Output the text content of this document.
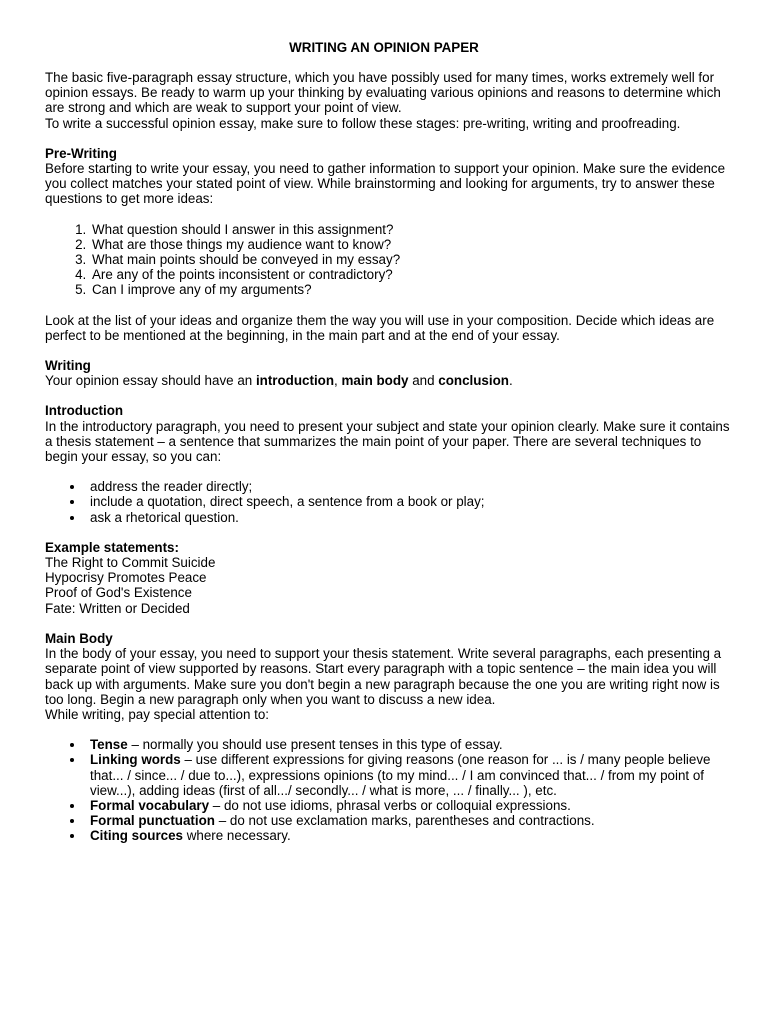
WRITING AN OPINION PAPER

The basic five-paragraph essay structure, which you have possibly used for many times, works extremely well for opinion essays. Be ready to warm up your thinking by evaluating various opinions and reasons to determine which are strong and which are weak to support your point of view.

To write a successful opinion essay, make sure to follow these stages: pre-writing, writing and proofreading.

Pre-Writing

Before starting to write your essay, you need to gather information to support your opinion. Make sure the evidence you collect matches your stated point of view. While brainstorming and looking for arguments, try to answer these questions to get more ideas:

1. What question should I answer in this assignment?
2. What are those things my audience want to know?
3. What main points should be conveyed in my essay?
4. Are any of the points inconsistent or contradictory?
5. Can I improve any of my arguments?

Look at the list of your ideas and organize them the way you will use in your composition. Decide which ideas are perfect to be mentioned at the beginning, in the main part and at the end of your essay.

Writing

Your opinion essay should have an introduction, main body and conclusion.

Introduction

In the introductory paragraph, you need to present your subject and state your opinion clearly. Make sure it contains a thesis statement – a sentence that summarizes the main point of your paper. There are several techniques to begin your essay, so you can:

address the reader directly;
include a quotation, direct speech, a sentence from a book or play;
ask a rhetorical question.

Example statements:

The Right to Commit Suicide

Hypocrisy Promotes Peace

Proof of God's Existence

Fate: Written or Decided

Main Body

In the body of your essay, you need to support your thesis statement. Write several paragraphs, each presenting a separate point of view supported by reasons. Start every paragraph with a topic sentence – the main idea you will back up with arguments. Make sure you don't begin a new paragraph because the one you are writing right now is too long. Begin a new paragraph only when you want to discuss a new idea.

While writing, pay special attention to:

Tense – normally you should use present tenses in this type of essay.
Linking words – use different expressions for giving reasons (one reason for ... is / many people believe that... / since... / due to...), expressions opinions (to my mind... / I am convinced that... / from my point of view...), adding ideas (first of all.../ secondly... / what is more, ... / finally... ), etc.
Formal vocabulary – do not use idioms, phrasal verbs or colloquial expressions.
Formal punctuation – do not use exclamation marks, parentheses and contractions.
Citing sources where necessary.
